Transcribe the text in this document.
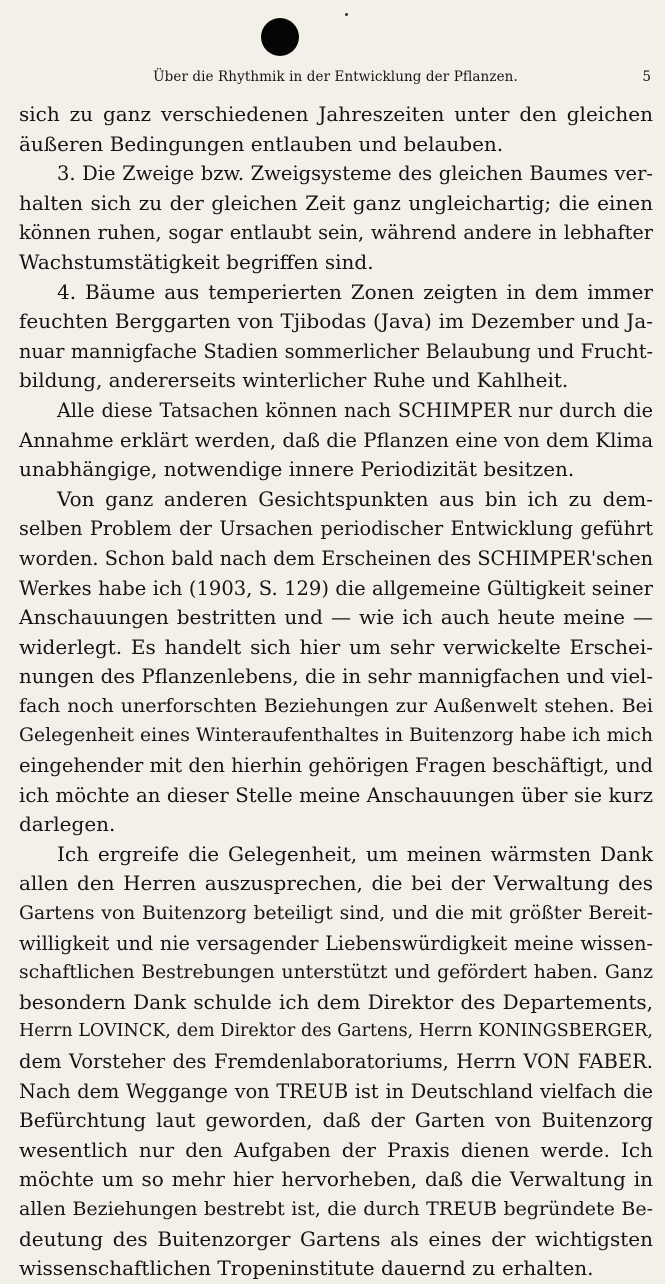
Über die Rhythmik in der Entwicklung der Pflanzen.	5
sich zu ganz verschiedenen Jahreszeiten unter den gleichen
äußeren Bedingungen entlauben und belauben.
3. Die Zweige bzw. Zweigsysteme des gleichen Baumes ver-
halten sich zu der gleichen Zeit ganz ungleichartig; die einen
können ruhen, sogar entlaubt sein, während andere in lebhafter
Wachstumstätigkeit begriffen sind.
4. Bäume aus temperierten Zonen zeigten in dem immer
feuchten Berggarten von Tjibodas (Java) im Dezember und Ja-
nuar mannigfache Stadien sommerlicher Belaubung und Frucht-
bildung, andererseits winterlicher Ruhe und Kahlheit.
Alle diese Tatsachen können nach SCHIMPER nur durch die
Annahme erklärt werden, daß die Pflanzen eine von dem Klima
unabhängige, notwendige innere Periodizität besitzen.
Von ganz anderen Gesichtspunkten aus bin ich zu dem-
selben Problem der Ursachen periodischer Entwicklung geführt
worden. Schon bald nach dem Erscheinen des SCHIMPER'schen
Werkes habe ich (1903, S. 129) die allgemeine Gültigkeit seiner
Anschauungen bestritten und — wie ich auch heute meine —
widerlegt. Es handelt sich hier um sehr verwickelte Erschei-
nungen des Pflanzenlebens, die in sehr mannigfachen und viel-
fach noch unerforschten Beziehungen zur Außenwelt stehen. Bei
Gelegenheit eines Winteraufenthaltes in Buitenzorg habe ich mich
eingehender mit den hierhin gehörigen Fragen beschäftigt, und
ich möchte an dieser Stelle meine Anschauungen über sie kurz
darlegen.
Ich ergreife die Gelegenheit, um meinen wärmsten Dank
allen den Herren auszusprechen, die bei der Verwaltung des
Gartens von Buitenzorg beteiligt sind, und die mit größter Bereit-
willigkeit und nie versagender Liebenswürdigkeit meine wissen-
schaftlichen Bestrebungen unterstützt und gefördert haben. Ganz
besondern Dank schulde ich dem Direktor des Departements,
Herrn LOVINCK, dem Direktor des Gartens, Herrn KONINGSBERGER,
dem Vorsteher des Fremdenlaboratoriums, Herrn VON FABER.
Nach dem Weggange von TREUB ist in Deutschland vielfach die
Befürchtung laut geworden, daß der Garten von Buitenzorg
wesentlich nur den Aufgaben der Praxis dienen werde. Ich
möchte um so mehr hier hervorheben, daß die Verwaltung in
allen Beziehungen bestrebt ist, die durch TREUB begründete Be-
deutung des Buitenzorger Gartens als eines der wichtigsten
wissenschaftlichen Tropeninstitute dauernd zu erhalten.
